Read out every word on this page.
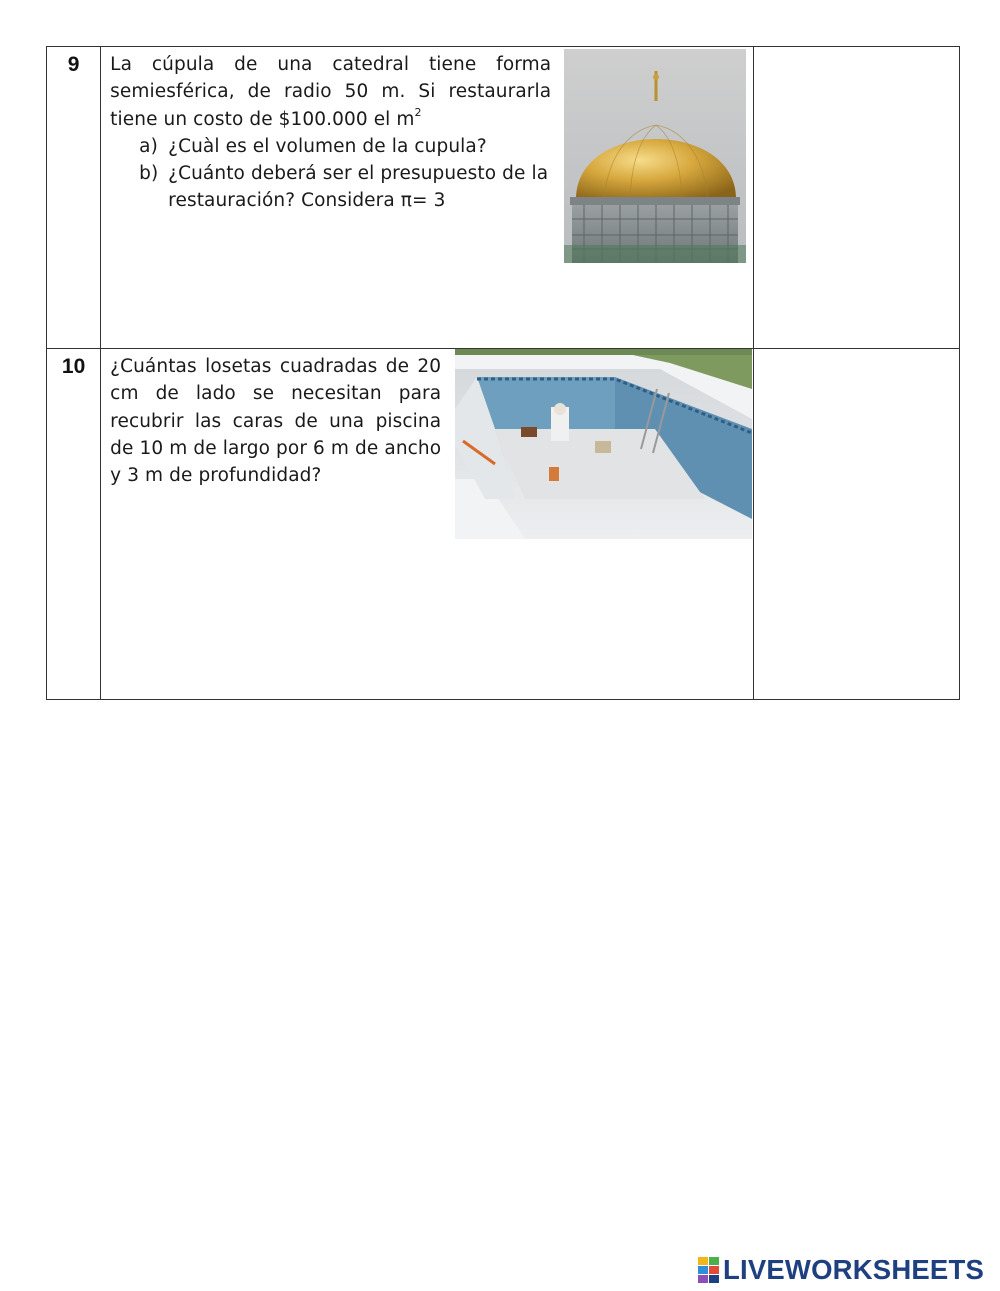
9	La cúpula de una catedral tiene forma semiesférica, de radio 50 m. Si restaurarla tiene un costo de $100.000 el $m^2$

a) ¿Cuàl es el volumen de la cupula?
b) ¿Cuánto deberá ser el presupuesto de la restauración? Considera π= 3	

10	¿Cuántas losetas cuadradas de 20 cm de lado se necesitan para recubrir las caras de una piscina de 10 m de largo por 6 m de ancho y 3 m de profundidad?	

LIVEWORKSHEETS
